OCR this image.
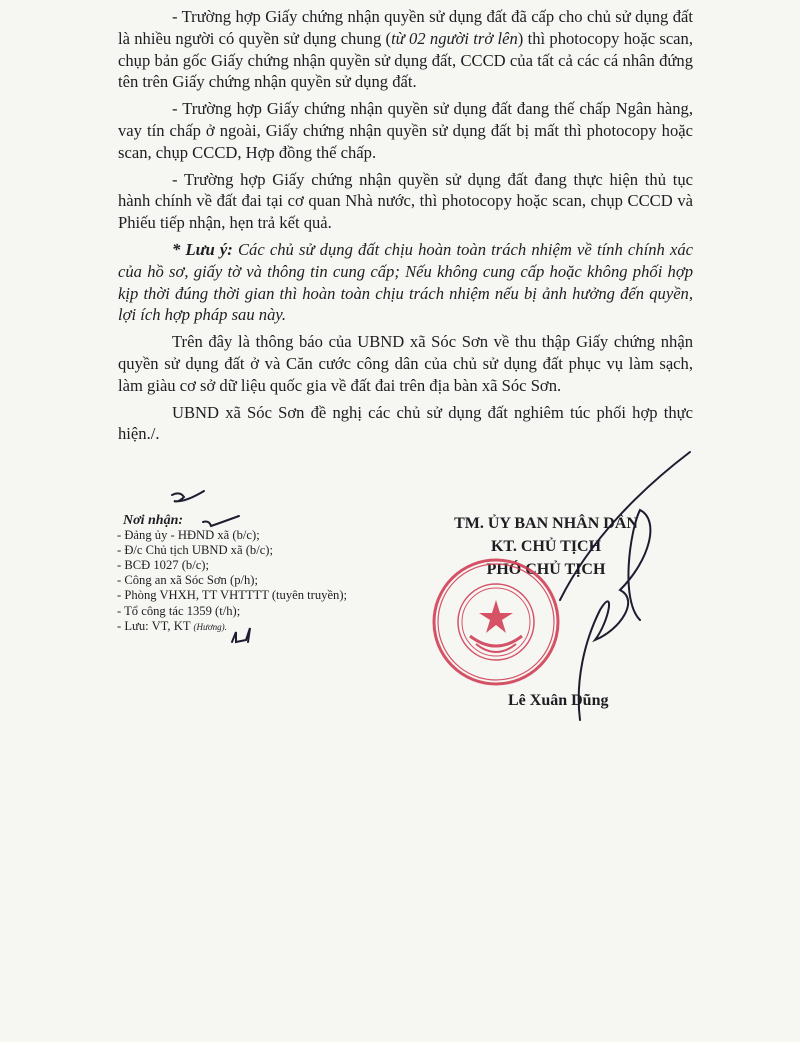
- Trường hợp Giấy chứng nhận quyền sử dụng đất đã cấp cho chủ sử dụng đất là nhiều người có quyền sử dụng chung (từ 02 người trở lên) thì photocopy hoặc scan, chụp bản gốc Giấy chứng nhận quyền sử dụng đất, CCCD của tất cả các cá nhân đứng tên trên Giấy chứng nhận quyền sử dụng đất.

- Trường hợp Giấy chứng nhận quyền sử dụng đất đang thế chấp Ngân hàng, vay tín chấp ở ngoài, Giấy chứng nhận quyền sử dụng đất bị mất thì photocopy hoặc scan, chụp CCCD, Hợp đồng thế chấp.

- Trường hợp Giấy chứng nhận quyền sử dụng đất đang thực hiện thủ tục hành chính về đất đai tại cơ quan Nhà nước, thì photocopy hoặc scan, chụp CCCD và Phiếu tiếp nhận, hẹn trả kết quả.

* Lưu ý: Các chủ sử dụng đất chịu hoàn toàn trách nhiệm về tính chính xác của hồ sơ, giấy tờ và thông tin cung cấp; Nếu không cung cấp hoặc không phối hợp kịp thời đúng thời gian thì hoàn toàn chịu trách nhiệm nếu bị ảnh hưởng đến quyền, lợi ích hợp pháp sau này.

Trên đây là thông báo của UBND xã Sóc Sơn về thu thập Giấy chứng nhận quyền sử dụng đất ở và Căn cước công dân của chủ sử dụng đất phục vụ làm sạch, làm giàu cơ sở dữ liệu quốc gia về đất đai trên địa bàn xã Sóc Sơn.

UBND xã Sóc Sơn đề nghị các chủ sử dụng đất nghiêm túc phối hợp thực hiện./.

Nơi nhận:
- Đảng ủy - HĐND xã (b/c);
- Đ/c Chủ tịch UBND xã (b/c);
- BCĐ 1027 (b/c);
- Công an xã Sóc Sơn (p/h);
- Phòng VHXH, TT VHTTTT (tuyên truyền);
- Tổ công tác 1359 (t/h);
- Lưu: VT, KT (Hương).
TM. ỦY BAN NHÂN DÂN
KT. CHỦ TỊCH
PHÓ CHỦ TỊCH
Lê Xuân Dũng
